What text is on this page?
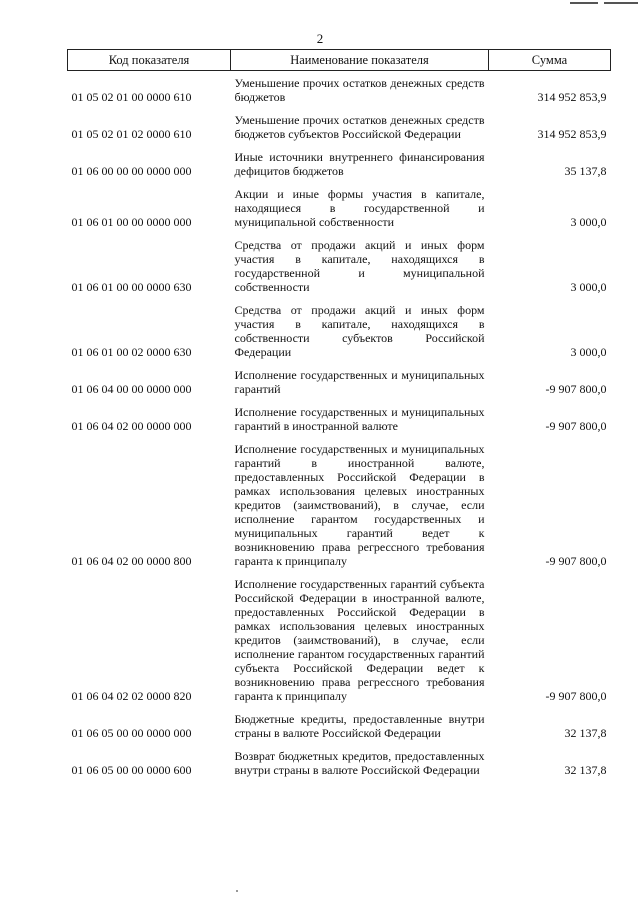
2
Код показателя	Наименование показателя	Сумма
01 05 02 01 00 0000 610	Уменьшение прочих остатков денежных средств бюджетов	314 952 853,9
01 05 02 01 02 0000 610	Уменьшение прочих остатков денежных средств бюджетов субъектов Российской Федерации	314 952 853,9
01 06 00 00 00 0000 000	Иные источники внутреннего финансирования дефицитов бюджетов	35 137,8
01 06 01 00 00 0000 000	Акции и иные формы участия в капитале, находящиеся в государственной и муниципальной собственности	3 000,0
01 06 01 00 00 0000 630	Средства от продажи акций и иных форм участия в капитале, находящихся в государственной и муниципальной собственности	3 000,0
01 06 01 00 02 0000 630	Средства от продажи акций и иных форм участия в капитале, находящихся в собственности субъектов Российской Федерации	3 000,0
01 06 04 00 00 0000 000	Исполнение государственных и муниципальных гарантий	-9 907 800,0
01 06 04 02 00 0000 000	Исполнение государственных и муниципальных гарантий в иностранной валюте	-9 907 800,0
01 06 04 02 00 0000 800	Исполнение государственных и муниципальных гарантий в иностранной валюте, предоставленных Российской Федерации в рамках использования целевых иностранных кредитов (заимствований), в случае, если исполнение гарантом государственных и муниципальных гарантий ведет к возникновению права регрессного требования гаранта к принципалу	-9 907 800,0
01 06 04 02 02 0000 820	Исполнение государственных гарантий субъекта Российской Федерации в иностранной валюте, предоставленных Российской Федерации в рамках использования целевых иностранных кредитов (заимствований), в случае, если исполнение гарантом государственных гарантий субъекта Российской Федерации ведет к возникновению права регрессного требования гаранта к принципалу	-9 907 800,0
01 06 05 00 00 0000 000	Бюджетные кредиты, предоставленные внутри страны в валюте Российской Федерации	32 137,8
01 06 05 00 00 0000 600	Возврат бюджетных кредитов, предоставленных внутри страны в валюте Российской Федерации	32 137,8
